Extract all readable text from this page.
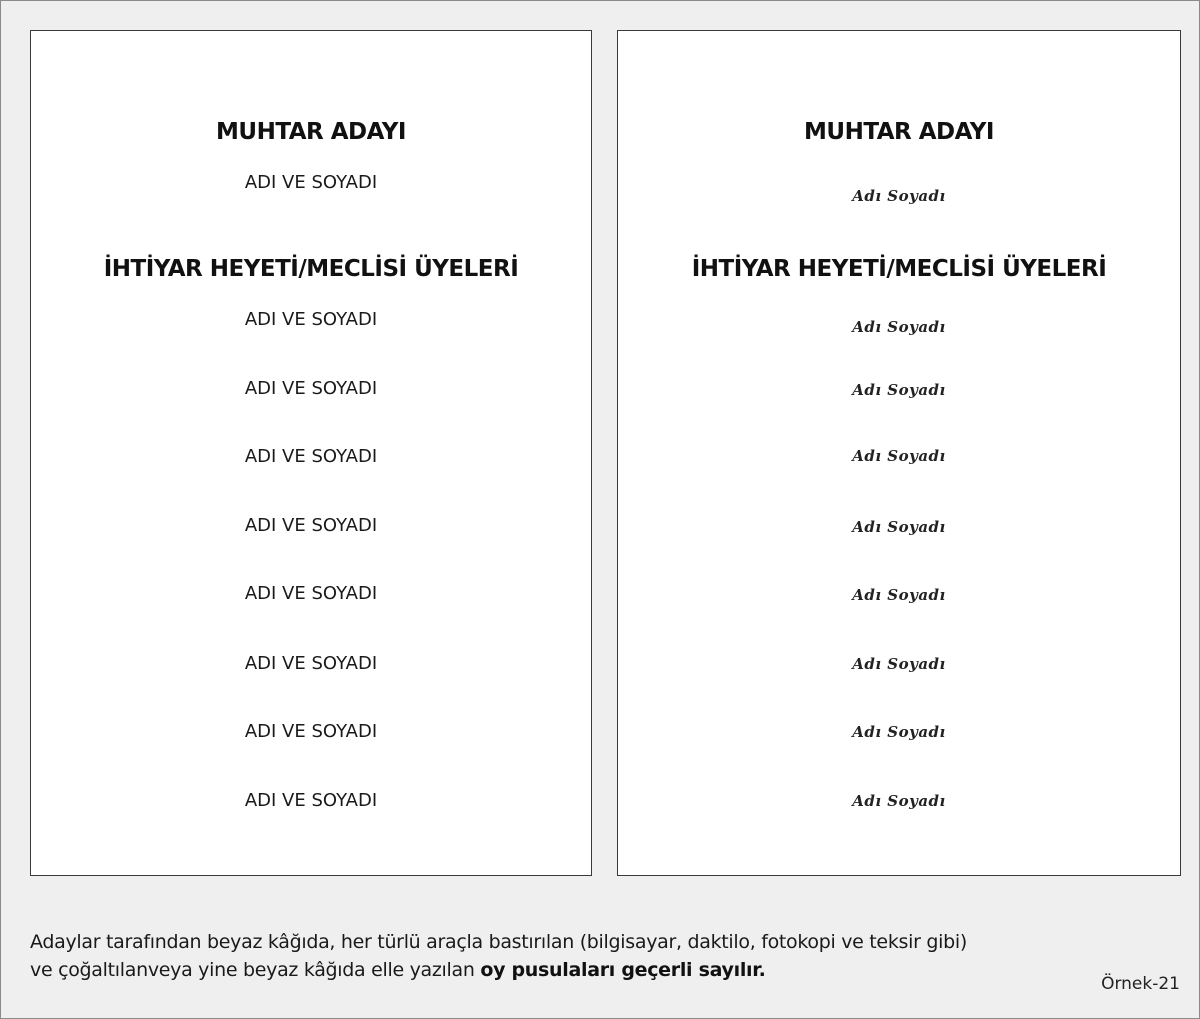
MUHTAR ADAYI
ADI VE SOYADI
İHTİYAR HEYETİ/MECLİSİ ÜYELERİ
ADI VE SOYADI
ADI VE SOYADI
ADI VE SOYADI
ADI VE SOYADI
ADI VE SOYADI
ADI VE SOYADI
ADI VE SOYADI
ADI VE SOYADI
MUHTAR ADAYI
Adı Soyadı
İHTİYAR HEYETİ/MECLİSİ ÜYELERİ
Adı Soyadı
Adı Soyadı
Adı Soyadı
Adı Soyadı
Adı Soyadı
Adı Soyadı
Adı Soyadı
Adı Soyadı
Adaylar tarafından beyaz kâğıda, her türlü araçla bastırılan (bilgisayar, daktilo, fotokopi ve teksir gibi)
ve çoğaltılanveya yine beyaz kâğıda elle yazılan oy pusulaları geçerli sayılır.
Örnek-21
